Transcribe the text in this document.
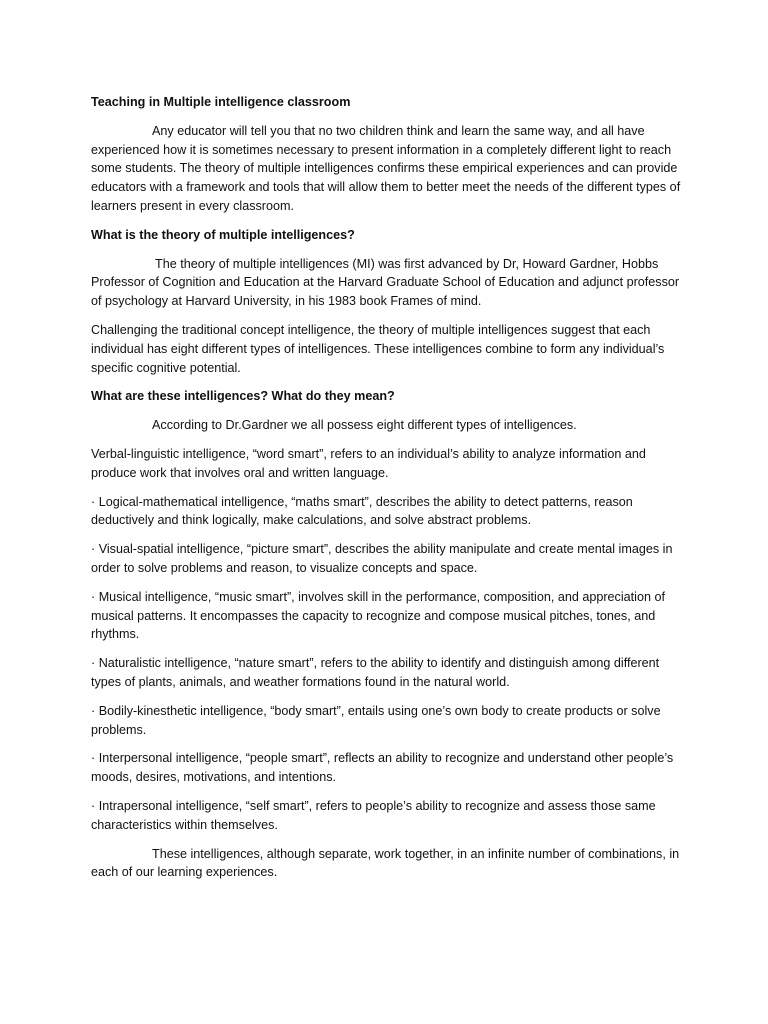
Teaching in Multiple intelligence classroom

Any educator will tell you that no two children think and learn the same way, and all have experienced how it is sometimes necessary to present information in a completely different light to reach some students. The theory of multiple intelligences confirms these empirical experiences and can provide educators with a framework and tools that will allow them to better meet the needs of the different types of learners present in every classroom.

What is the theory of multiple intelligences?

The theory of multiple intelligences (MI) was first advanced by Dr, Howard Gardner, Hobbs Professor of Cognition and Education at the Harvard Graduate School of Education and adjunct professor of psychology at Harvard University, in his 1983 book Frames of mind.

Challenging the traditional concept intelligence, the theory of multiple intelligences suggest that each individual has eight different types of intelligences. These intelligences combine to form any individual’s specific cognitive potential.

What are these intelligences? What do they mean?

According to Dr.Gardner we all possess eight different types of intelligences.

Verbal-linguistic intelligence, “word smart”, refers to an individual’s ability to analyze information and produce work that involves oral and written language.

· Logical-mathematical intelligence, “maths smart”, describes the ability to detect patterns, reason deductively and think logically, make calculations, and solve abstract problems.

· Visual-spatial intelligence, “picture smart”, describes the ability manipulate and create mental images in order to solve problems and reason, to visualize concepts and space.

· Musical intelligence, “music smart”, involves skill in the performance, composition, and appreciation of musical patterns. It encompasses the capacity to recognize and compose musical pitches, tones, and rhythms.

· Naturalistic intelligence, “nature smart”, refers to the ability to identify and distinguish among different types of plants, animals, and weather formations found in the natural world.

· Bodily-kinesthetic intelligence, “body smart”, entails using one’s own body to create products or solve problems.

· Interpersonal intelligence, “people smart”, reflects an ability to recognize and understand other people’s moods, desires, motivations, and intentions.

· Intrapersonal intelligence, “self smart”, refers to people’s ability to recognize and assess those same characteristics within themselves.

These intelligences, although separate, work together, in an infinite number of combinations, in each of our learning experiences.
